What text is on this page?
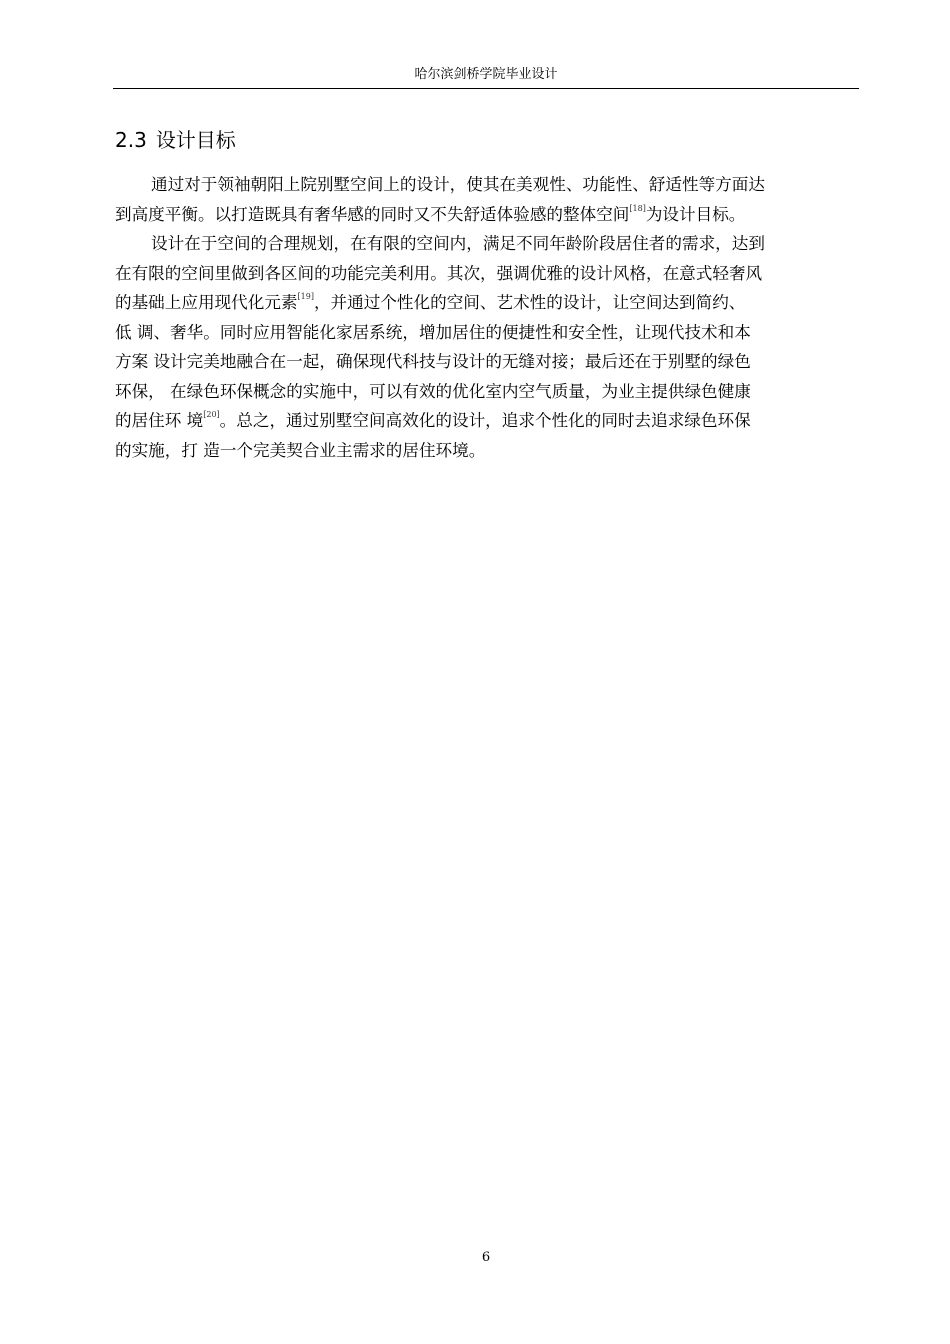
哈尔滨剑桥学院毕业设计
2.3 设计目标
通过对于领袖朝阳上院别墅空间上的设计，使其在美观性、功能性、舒适性等方面达
到高度平衡。以打造既具有奢华感的同时又不失舒适体验感的整体空间[18]为设计目标。
设计在于空间的合理规划，在有限的空间内，满足不同年龄阶段居住者的需求，达到
在有限的空间里做到各区间的功能完美利用。其次，强调优雅的设计风格，在意式轻奢风
的基础上应用现代化元素[19]，并通过个性化的空间、艺术性的设计，让空间达到简约、
低 调、奢华。同时应用智能化家居系统，增加居住的便捷性和安全性，让现代技术和本
方案 设计完美地融合在一起，确保现代科技与设计的无缝对接；最后还在于别墅的绿色
环保， 在绿色环保概念的实施中，可以有效的优化室内空气质量，为业主提供绿色健康
的居住环 境[20]。总之，通过别墅空间高效化的设计，追求个性化的同时去追求绿色环保
的实施，打 造一个完美契合业主需求的居住环境。
6
